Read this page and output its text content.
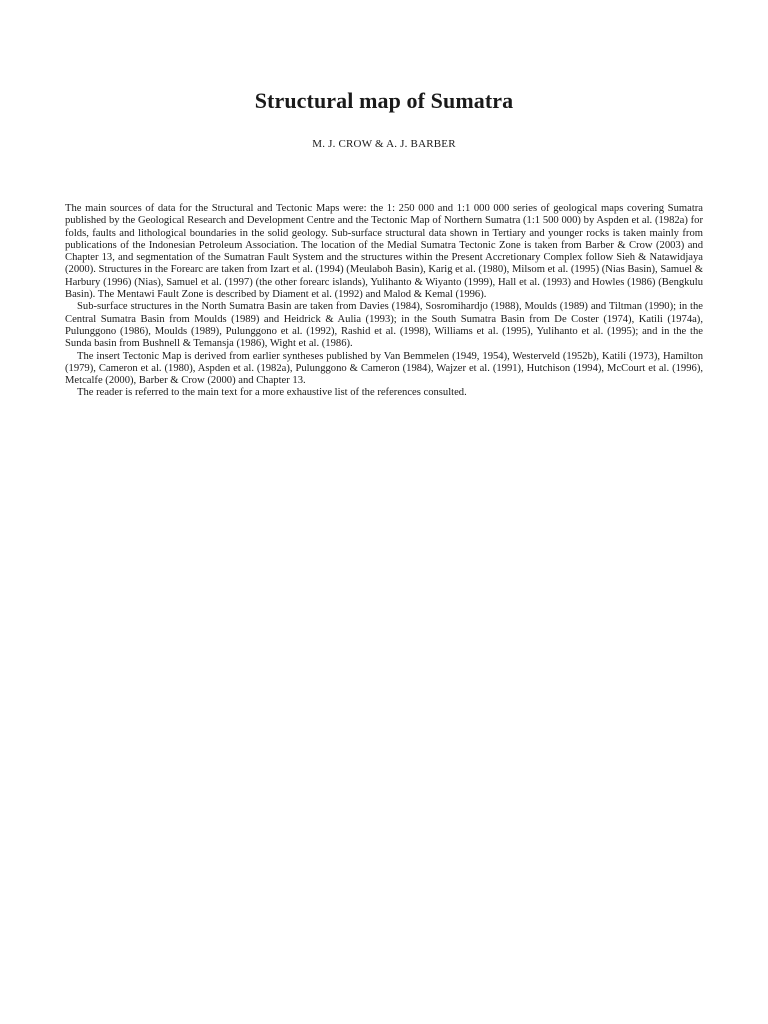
Structural map of Sumatra
M. J. CROW & A. J. BARBER

The main sources of data for the Structural and Tectonic Maps were: the 1: 250 000 and 1:1 000 000 series of geological maps covering Sumatra published by the Geological Research and Development Centre and the Tectonic Map of Northern Sumatra (1:1 500 000) by Aspden et al. (1982a) for folds, faults and lithological boundaries in the solid geology. Sub-surface structural data shown in Tertiary and younger rocks is taken mainly from publications of the Indonesian Petroleum Association. The location of the Medial Sumatra Tectonic Zone is taken from Barber & Crow (2003) and Chapter 13, and segmentation of the Sumatran Fault System and the structures within the Present Accretionary Complex follow Sieh & Natawidjaya (2000). Structures in the Forearc are taken from Izart et al. (1994) (Meulaboh Basin), Karig et al. (1980), Milsom et al. (1995) (Nias Basin), Samuel & Harbury (1996) (Nias), Samuel et al. (1997) (the other forearc islands), Yulihanto & Wiyanto (1999), Hall et al. (1993) and Howles (1986) (Bengkulu Basin). The Mentawi Fault Zone is described by Diament et al. (1992) and Malod & Kemal (1996).

Sub-surface structures in the North Sumatra Basin are taken from Davies (1984), Sosromihardjo (1988), Moulds (1989) and Tiltman (1990); in the Central Sumatra Basin from Moulds (1989) and Heidrick & Aulia (1993); in the South Sumatra Basin from De Coster (1974), Katili (1974a), Pulunggono (1986), Moulds (1989), Pulunggono et al. (1992), Rashid et al. (1998), Williams et al. (1995), Yulihanto et al. (1995); and in the the Sunda basin from Bushnell & Temansja (1986), Wight et al. (1986).

The insert Tectonic Map is derived from earlier syntheses published by Van Bemmelen (1949, 1954), Westerveld (1952b), Katili (1973), Hamilton (1979), Cameron et al. (1980), Aspden et al. (1982a), Pulunggono & Cameron (1984), Wajzer et al. (1991), Hutchison (1994), McCourt et al. (1996), Metcalfe (2000), Barber & Crow (2000) and Chapter 13.

The reader is referred to the main text for a more exhaustive list of the references consulted.
